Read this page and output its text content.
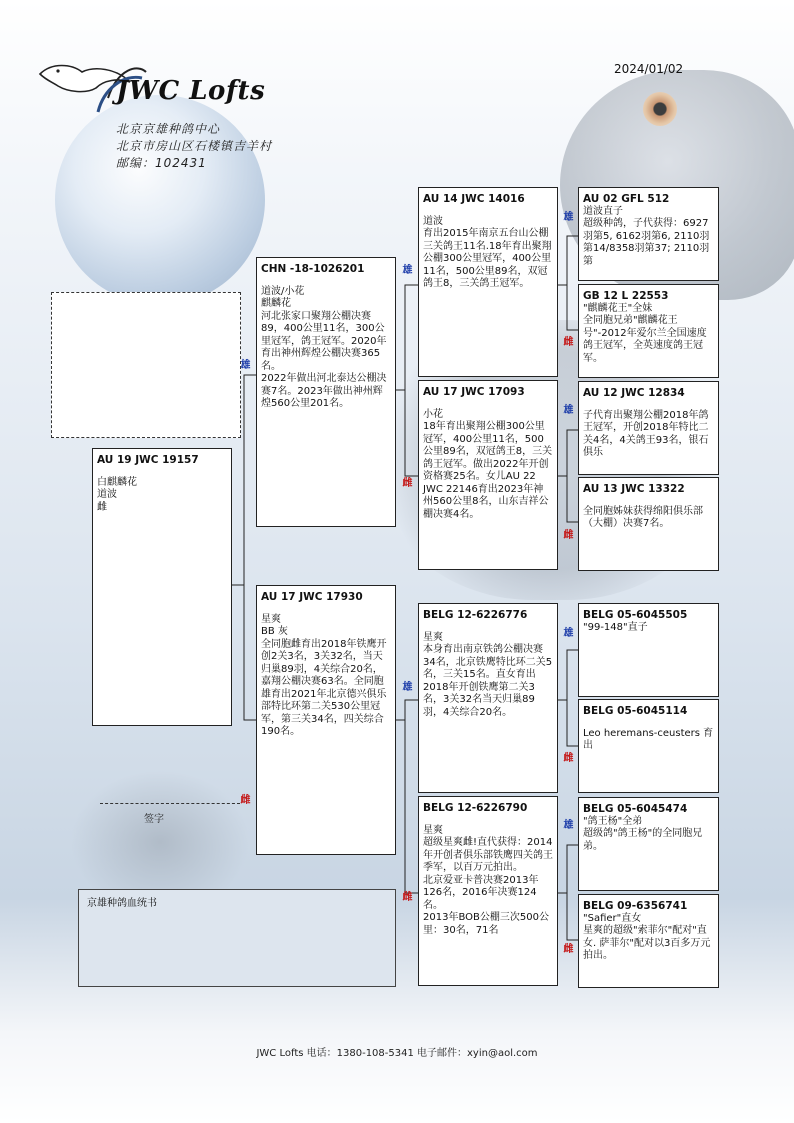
JWC Lofts
北京京雄种鸽中心
北京市房山区石楼镇吉羊村
邮编：102431
2024/01/02
AU 19 JWC 19157
白麒麟花
道波
雌
CHN -18-1026201
道波/小花
麒麟花
河北张家口聚翔公棚决赛89，400公里11名，300公里冠军，鸽王冠军。2020年育出神州辉煌公棚决赛365名。
2022年做出河北泰达公棚决赛7名。2023年做出神州辉煌560公里201名。
AU 17 JWC 17930
星爽
BB 灰
全同胞雌育出2018年铁鹰开创2关3名，3关32名，当天归巢89羽，4关综合20名，嘉翔公棚决赛63名。全同胞雄育出2021年北京德兴俱乐部特比环第二关530公里冠军，第三关34名，四关综合190名。
AU 14 JWC 14016
道波
育出2015年南京五台山公棚三关鸽王11名.18年育出聚翔公棚300公里冠军，400公里11名，500公里89名，双冠鸽王8，三关鸽王冠军。
AU 17 JWC 17093
小花
18年育出聚翔公棚300公里冠军，400公里11名，500公里89名，双冠鸽王8，三关鸽王冠军。做出2022年开创资格赛25名。女儿AU 22 JWC 22146育出2023年神州560公里8名，山东吉祥公棚决赛4名。
BELG 12-6226776
星爽
本身育出南京铁鸽公棚决赛34名，北京铁鹰特比环二关5名，三关15名。直女育出2018年开创铁鹰第二关3名，3关32名当天归巢89羽，4关综合20名。
BELG 12-6226790
星爽
超级星爽雌!直代获得：2014年开创者俱乐部铁鹰四关鸽王季军，以百万元拍出。
北京爱亚卡普决赛2013年126名，2016年决赛124名。
2013年BOB公棚三次500公里：30名，71名
AU 02 GFL 512
道波直子
超级种鸽，子代获得：6927羽第5, 6162羽第6, 2110羽第14/8358羽第37; 2110羽第
GB 12 L 22553
"麒麟花王"全妹
全同胞兄弟"麒麟花王号"-2012年爱尔兰全国速度鸽王冠军，全英速度鸽王冠军。
AU 12 JWC 12834
子代育出聚翔公棚2018年鸽王冠军，开创2018年特比二关4名，4关鸽王93名，银石俱乐
AU 13 JWC 13322
全同胞姊妹获得绵阳俱乐部（大棚）决赛7名。
BELG 05-6045505
"99-148"直子
BELG 05-6045114
Leo heremans-ceusters 育出
BELG 05-6045474
"鸽王杨"全弟
超级鸽"鸽王杨"的全同胞兄弟。
BELG 09-6356741
"Safier"直女
星爽的超级"索菲尔"配对"直女. 萨菲尔"配对以3百多万元拍出。
雄
雌
雄
雌
雄
雌
雄
雌
雄
雌
雄
雌
雄
雌
签字
京雄种鸽血统书
JWC Lofts 电话：1380-108-5341 电子邮件：xyin@aol.com
